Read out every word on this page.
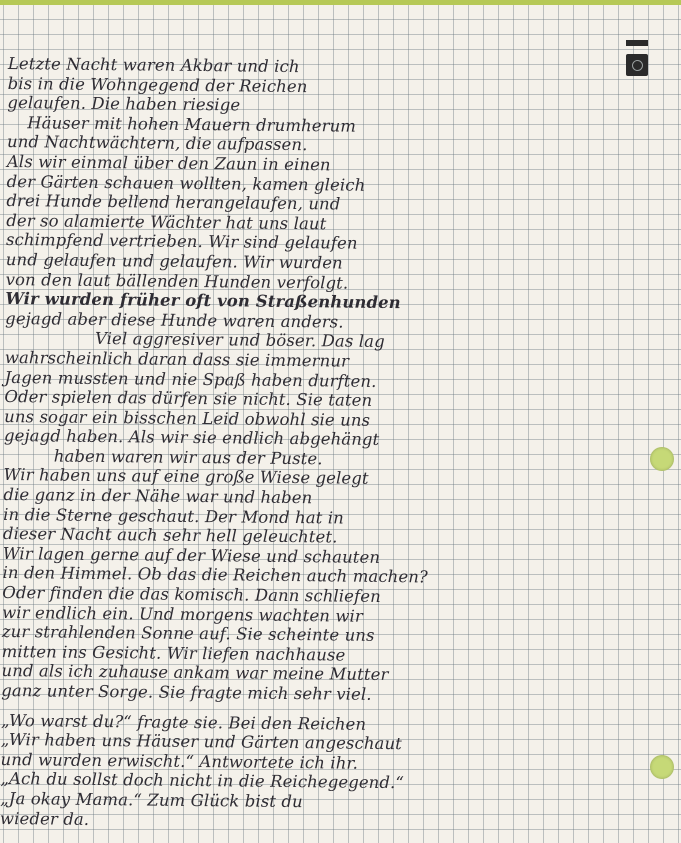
Letzte Nacht waren Akbar und ich
bis in die Wohngegend der Reichen
gelaufen. Die haben riesige
Häuser mit hohen Mauern drumherum
und Nachtwächtern, die aufpassen.
Als wir einmal über den Zaun in einen
der Gärten schauen wollten, kamen gleich
drei Hunde bellend herangelaufen, und
der so alamierte Wächter hat uns laut
schimpfend vertrieben. Wir sind gelaufen
und gelaufen und gelaufen. Wir wurden
von den laut bällenden Hunden verfolgt.
Wir wurden früher oft von Straßenhunden
gejagd aber diese Hunde waren anders.
Viel aggresiver und böser. Das lag
wahrscheinlich daran dass sie immernur
Jagen mussten und nie Spaß haben durften.
Oder spielen das dürfen sie nicht. Sie taten
uns sogar ein bisschen Leid obwohl sie uns
gejagd haben. Als wir sie endlich abgehängt
haben waren wir aus der Puste.
Wir haben uns auf eine große Wiese gelegt
die ganz in der Nähe war und haben
in die Sterne geschaut. Der Mond hat in
dieser Nacht auch sehr hell geleuchtet.
Wir lagen gerne auf der Wiese und schauten
in den Himmel. Ob das die Reichen auch machen?
Oder finden die das komisch. Dann schliefen
wir endlich ein. Und morgens wachten wir
zur strahlenden Sonne auf. Sie scheinte uns
mitten ins Gesicht. Wir liefen nachhause
und als ich zuhause ankam war meine Mutter
ganz unter Sorge. Sie fragte mich sehr viel.
„Wo warst du?“ fragte sie. Bei den Reichen
„Wir haben uns Häuser und Gärten angeschaut
und wurden erwischt.“ Antwortete ich ihr.
„Ach du sollst doch nicht in die Reichegegend.“
„Ja okay Mama.“ Zum Glück bist du
wieder da.
